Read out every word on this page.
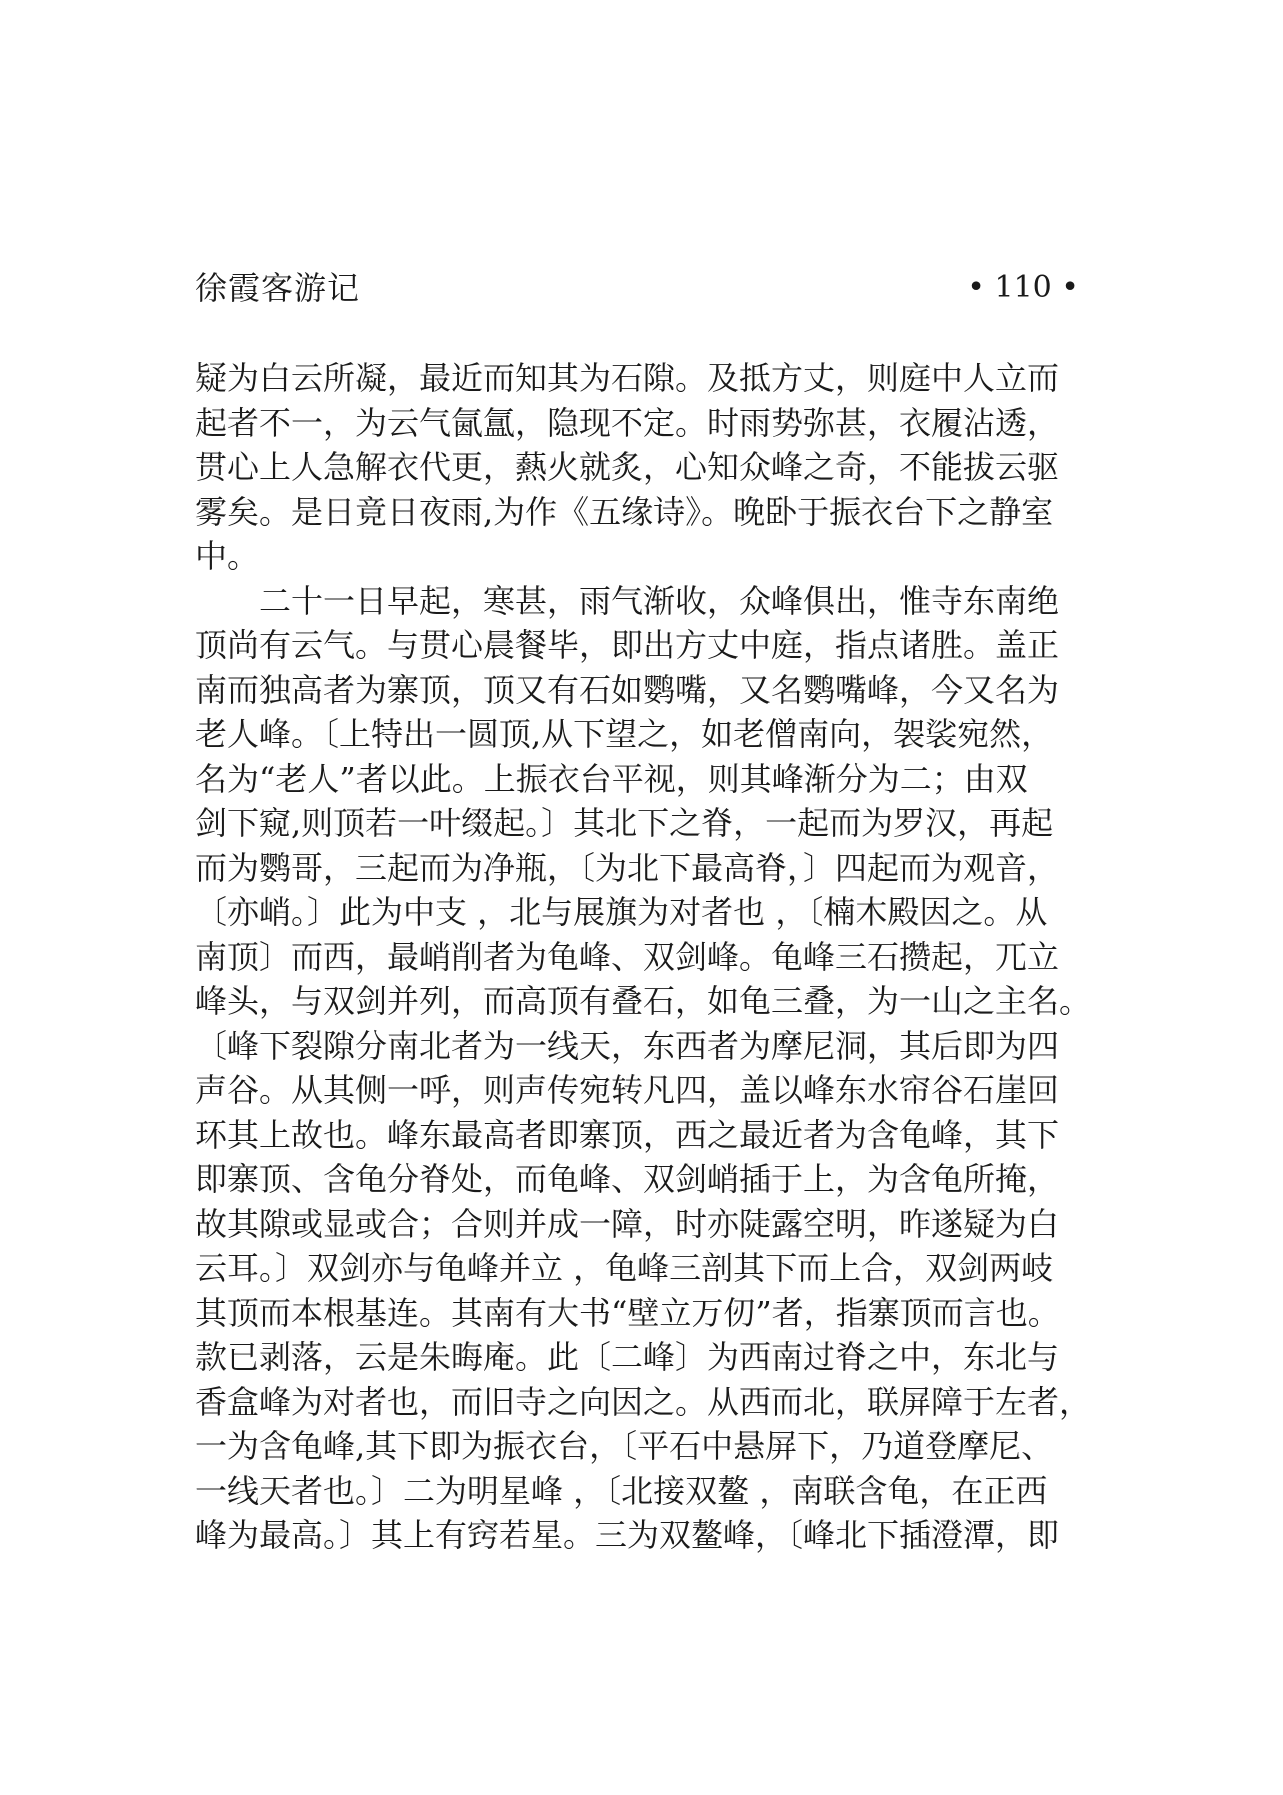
徐霞客游记	• 110 •
疑为白云所凝，最近而知其为石隙。及抵方丈，则庭中人立而
起者不一，为云气氤氲，隐现不定。时雨势弥甚，衣履沾透，
贯心上人急解衣代更，爇火就炙，心知众峰之奇，不能拔云驱
雾矣。是日竟日夜雨,为作《五缘诗》。晚卧于振衣台下之静室
中。
二十一日早起，寒甚，雨气渐收，众峰俱出，惟寺东南绝
顶尚有云气。与贯心晨餐毕，即出方丈中庭，指点诸胜。盖正
南而独高者为寨顶，顶又有石如鹦嘴，又名鹦嘴峰，今又名为
老人峰。〔上特出一圆顶,从下望之，如老僧南向，袈裟宛然，
名为“老人”者以此。上振衣台平视，则其峰渐分为二；由双
剑下窥,则顶若一叶缀起。〕其北下之脊，一起而为罗汉，再起
而为鹦哥，三起而为净瓶，〔为北下最高脊，〕四起而为观音，
〔亦峭。〕此为中支 ，北与展旗为对者也 ，〔楠木殿因之。从
南顶〕而西，最峭削者为龟峰、双剑峰。龟峰三石攒起，兀立
峰头，与双剑并列，而高顶有叠石，如龟三叠，为一山之主名。
〔峰下裂隙分南北者为一线天，东西者为摩尼洞，其后即为四
声谷。从其侧一呼，则声传宛转凡四，盖以峰东水帘谷石崖回
环其上故也。峰东最高者即寨顶，西之最近者为含龟峰，其下
即寨顶、含龟分脊处，而龟峰、双剑峭插于上，为含龟所掩，
故其隙或显或合；合则并成一障，时亦陡露空明，昨遂疑为白
云耳。〕双剑亦与龟峰并立 ，龟峰三剖其下而上合，双剑两岐
其顶而本根基连。其南有大书“壁立万仞”者，指寨顶而言也。
款已剥落，云是朱晦庵。此〔二峰〕为西南过脊之中，东北与
香盒峰为对者也，而旧寺之向因之。从西而北，联屏障于左者，
一为含龟峰,其下即为振衣台，〔平石中悬屏下，乃道登摩尼、
一线天者也。〕二为明星峰 ，〔北接双鳌 ，南联含龟，在正西
峰为最高。〕其上有窍若星。三为双鳌峰，〔峰北下插澄潭，即
